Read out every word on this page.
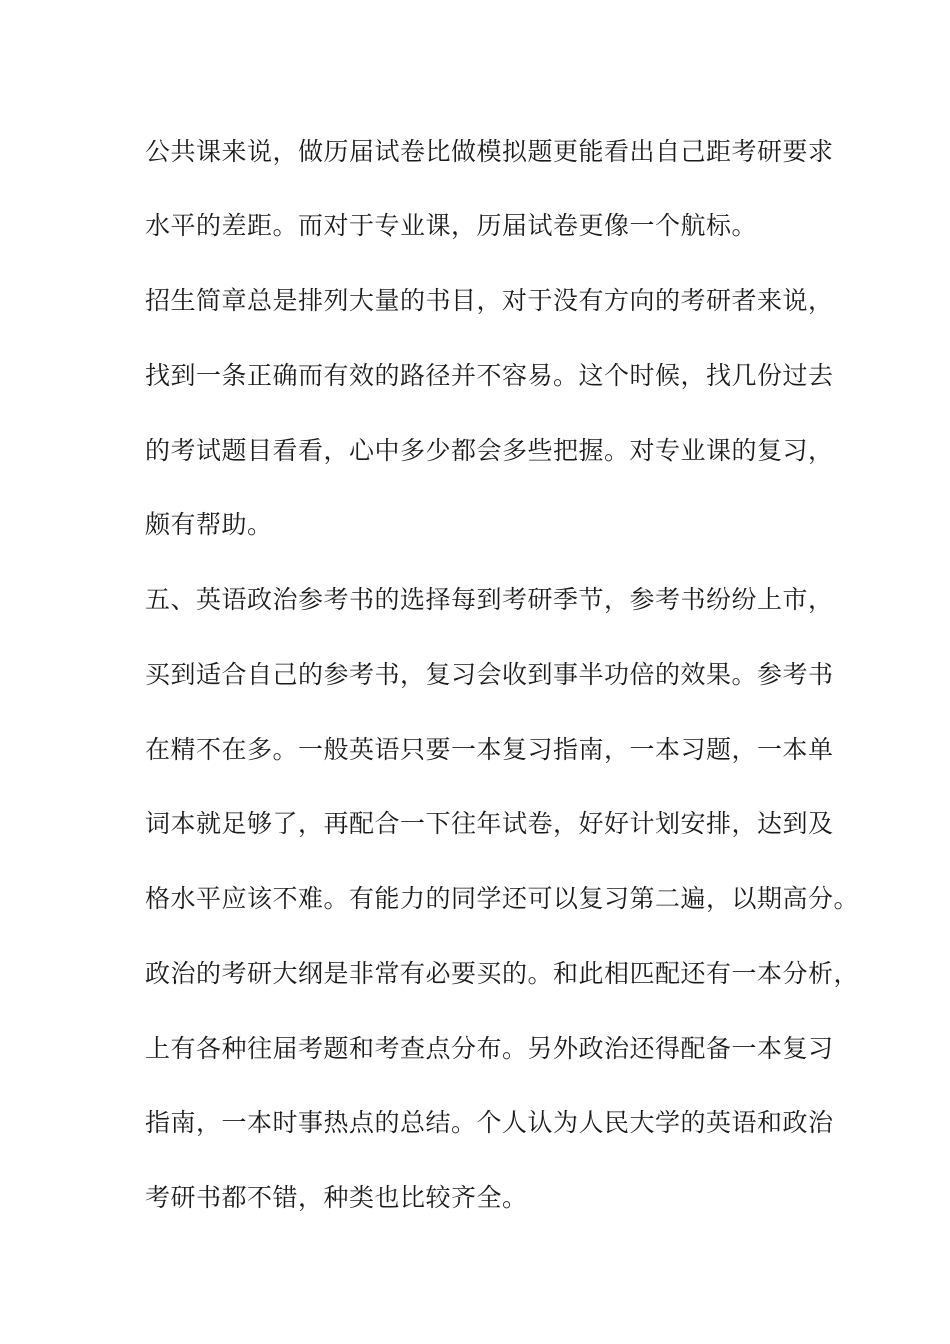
公共课来说，做历届试卷比做模拟题更能看出自己距考研要求

水平的差距。而对于专业课，历届试卷更像一个航标。

招生简章总是排列大量的书目，对于没有方向的考研者来说，

找到一条正确而有效的路径并不容易。这个时候，找几份过去

的考试题目看看，心中多少都会多些把握。对专业课的复习，

颇有帮助。

五、英语政治参考书的选择每到考研季节，参考书纷纷上市，

买到适合自己的参考书，复习会收到事半功倍的效果。参考书

在精不在多。一般英语只要一本复习指南，一本习题，一本单

词本就足够了，再配合一下往年试卷，好好计划安排，达到及

格水平应该不难。有能力的同学还可以复习第二遍，以期高分。

政治的考研大纲是非常有必要买的。和此相匹配还有一本分析，

上有各种往届考题和考查点分布。另外政治还得配备一本复习

指南，一本时事热点的总结。个人认为人民大学的英语和政治

考研书都不错，种类也比较齐全。
